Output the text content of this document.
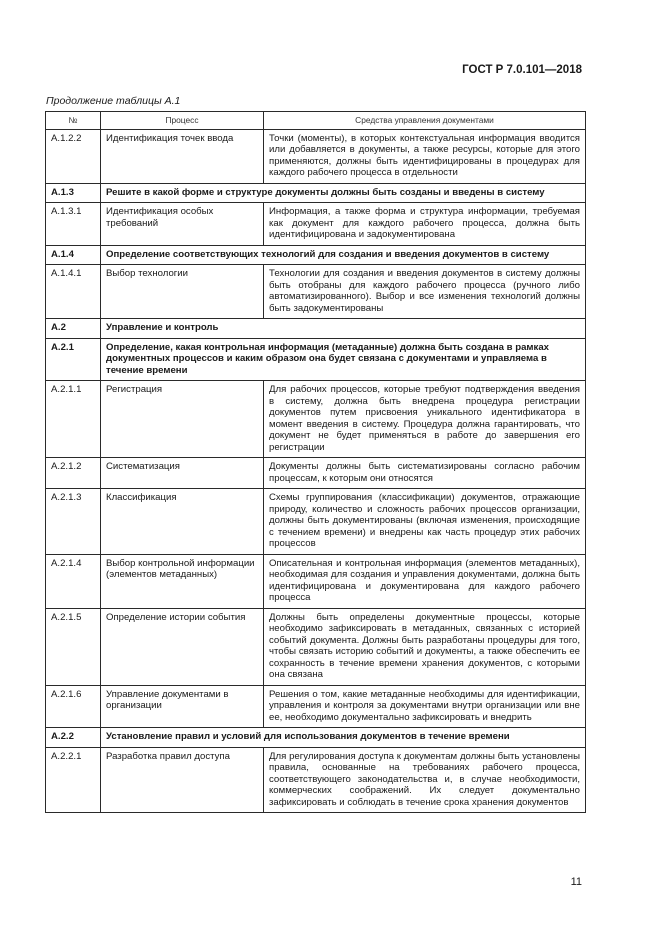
ГОСТ Р 7.0.101—2018
Продолжение таблицы А.1
№	Процесс	Средства управления документами
A.1.2.2	Идентификация точек ввода	Точки (моменты), в которых контекстуальная информация вводится или добавляется в документы, а также ресурсы, которые для этого применяются, должны быть идентифицированы в процедурах для каждого рабочего процесса в отдельности
A.1.3	Решите в какой форме и структуре документы должны быть созданы и введены в систему	
A.1.3.1	Идентификация особых требований	Информация, а также форма и структура информации, требуемая как документ для каждого рабочего процесса, должна быть идентифицирована и задокументирована
A.1.4	Определение соответствующих технологий для создания и введения документов в систему	
A.1.4.1	Выбор технологии	Технологии для создания и введения документов в систему должны быть отобраны для каждого рабочего процесса (ручного либо автоматизированного). Выбор и все изменения технологий должны быть задокументированы
A.2	Управление и контроль	
A.2.1	Определение, какая контрольная информация (метаданные) должна быть создана в рамках документных процессов и каким образом она будет связана с документами и управляема в течение времени	
A.2.1.1	Регистрация	Для рабочих процессов, которые требуют подтверждения введения в систему, должна быть внедрена процедура регистрации документов путем присвоения уникального идентификатора в момент введения в систему. Процедура должна гарантировать, что документ не будет применяться в работе до завершения его регистрации
A.2.1.2	Систематизация	Документы должны быть систематизированы согласно рабочим процессам, к которым они относятся
A.2.1.3	Классификация	Схемы группирования (классификации) документов, отражающие природу, количество и сложность рабочих процессов организации, должны быть документированы (включая изменения, происходящие с течением времени) и внедрены как часть процедур этих рабочих процессов
A.2.1.4	Выбор контрольной информации (элементов метаданных)	Описательная и контрольная информация (элементов метаданных), необходимая для создания и управления документами, должна быть идентифицирована и документирована для каждого рабочего процесса
A.2.1.5	Определение истории события	Должны быть определены документные процессы, которые необходимо зафиксировать в метаданных, связанных с историей событий документа. Должны быть разработаны процедуры для того, чтобы связать историю событий и документы, а также обеспечить ее сохранность в течение времени хранения документов, с которыми она связана
A.2.1.6	Управление документами в организации	Решения о том, какие метаданные необходимы для идентификации, управления и контроля за документами внутри организации или вне ее, необходимо документально зафиксировать и внедрить
A.2.2	Установление правил и условий для использования документов в течение времени	
A.2.2.1	Разработка правил доступа	Для регулирования доступа к документам должны быть установлены правила, основанные на требованиях рабочего процесса, соответствующего законодательства и, в случае необходимости, коммерческих соображений. Их следует документально зафиксировать и соблюдать в течение срока хранения документов
11
